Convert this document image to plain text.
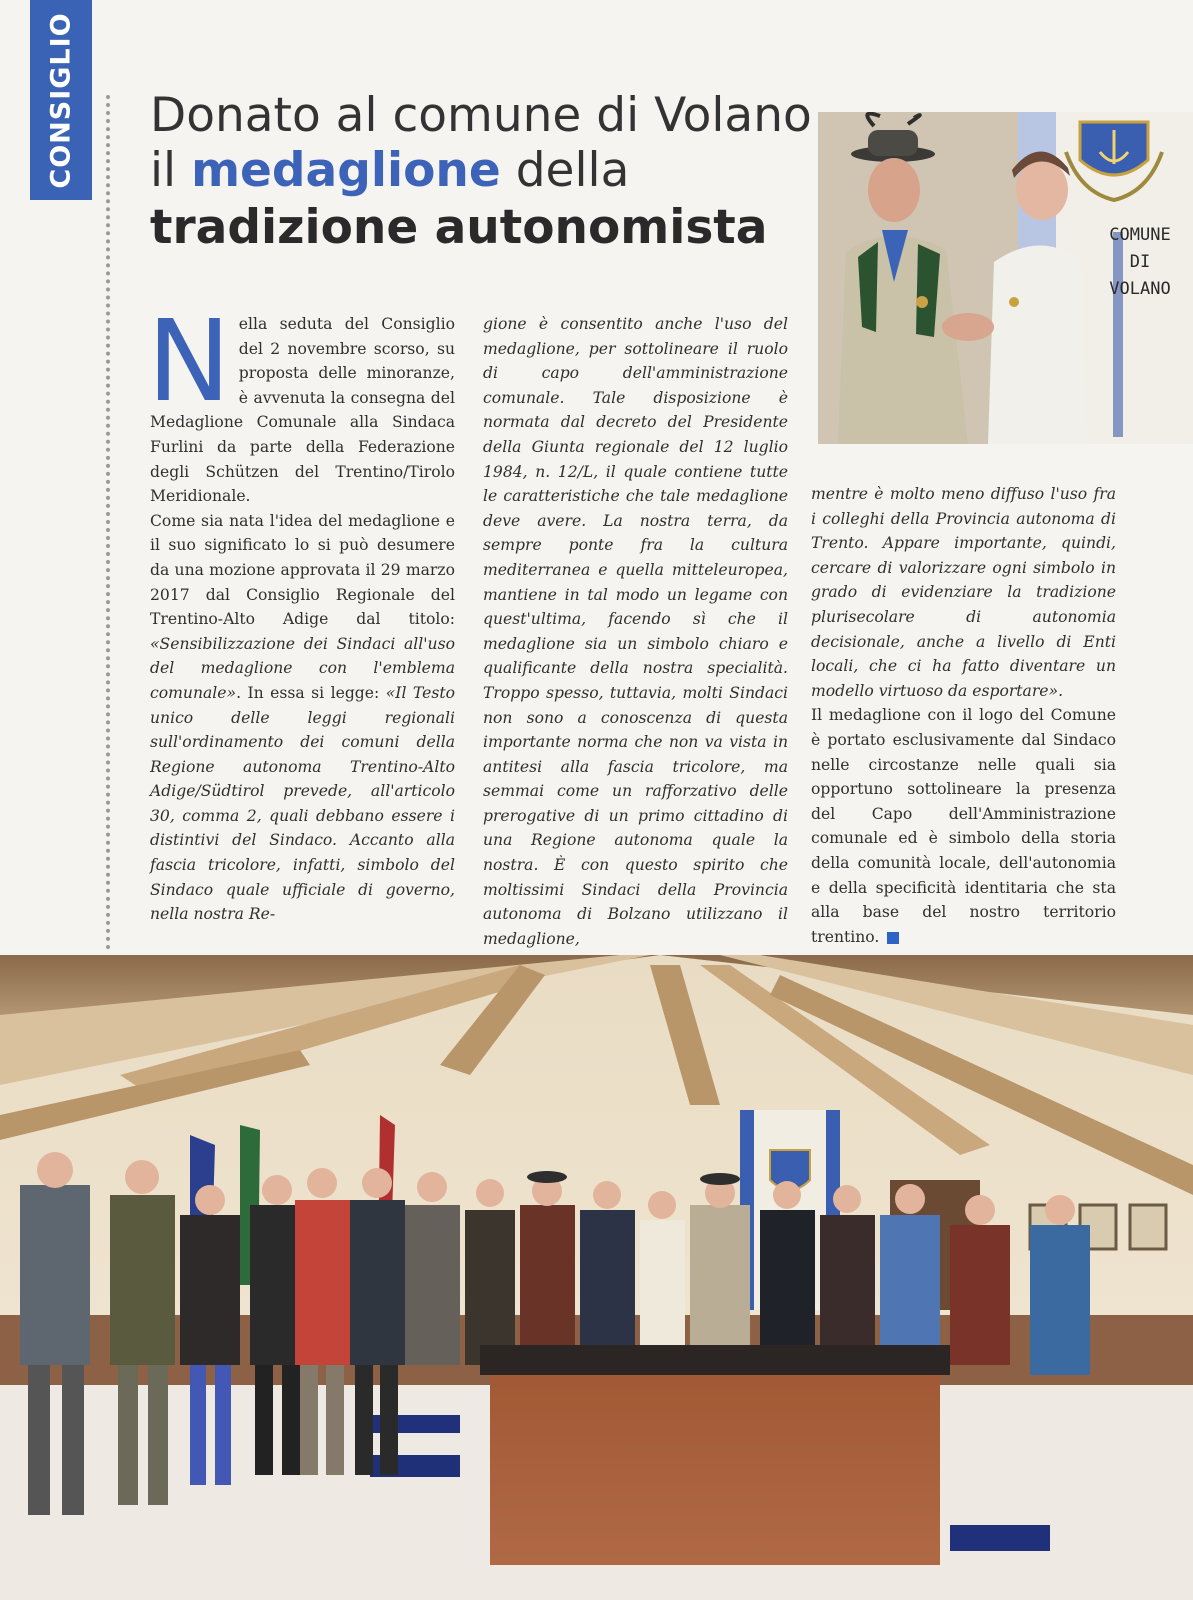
CONSIGLIO Donato al comune di Volano
il medaglione della
tradizione autonomista	COMUNE
DI
VOLANO

Nella seduta del Consiglio del 2 novembre scorso, su proposta delle minoranze, è avvenuta la consegna del Medaglione Comunale alla Sindaca Furlini da parte della Federazione degli Schützen del Trentino/Tirolo Meridionale.

Come sia nata l'idea del medaglione e il suo significato lo si può desumere da una mozione approvata il 29 marzo 2017 dal Consiglio Regionale del Trentino-Alto Adige dal titolo: «Sensibilizzazione dei Sindaci all'uso del medaglione con l'emblema comunale». In essa si legge: «Il Testo unico delle leggi regionali sull'ordinamento dei comuni della Regione autonoma Trentino-Alto Adige/Südtirol prevede, all'articolo 30, comma 2, quali debbano essere i distintivi del Sindaco. Accanto alla fascia tricolore, infatti, simbolo del Sindaco quale ufficiale di governo, nella nostra Re-

gione è consentito anche l'uso del medaglione, per sottolineare il ruolo di capo dell'amministrazione comunale. Tale disposizione è normata dal decreto del Presidente della Giunta regionale del 12 luglio 1984, n. 12/L, il quale contiene tutte le caratteristiche che tale medaglione deve avere. La nostra terra, da sempre ponte fra la cultura mediterranea e quella mitteleuropea, mantiene in tal modo un legame con quest'ultima, facendo sì che il medaglione sia un simbolo chiaro e qualificante della nostra specialità. Troppo spesso, tuttavia, molti Sindaci non sono a conoscenza di questa importante norma che non va vista in antitesi alla fascia tricolore, ma semmai come un rafforzativo delle prerogative di un primo cittadino di una Regione autonoma quale la nostra. È con questo spirito che moltissimi Sindaci della Provincia autonoma di Bolzano utilizzano il medaglione,

mentre è molto meno diffuso l'uso fra i colleghi della Provincia autonoma di Trento. Appare importante, quindi, cercare di valorizzare ogni simbolo in grado di evidenziare la tradizione plurisecolare di autonomia decisionale, anche a livello di Enti locali, che ci ha fatto diventare un modello virtuoso da esportare».

Il medaglione con il logo del Comune è portato esclusivamente dal Sindaco nelle circostanze nelle quali sia opportuno sottolineare la presenza del Capo dell'Amministrazione comunale ed è simbolo della storia della comunità locale, dell'autonomia e della specificità identitaria che sta alla base del nostro territorio trentino.
